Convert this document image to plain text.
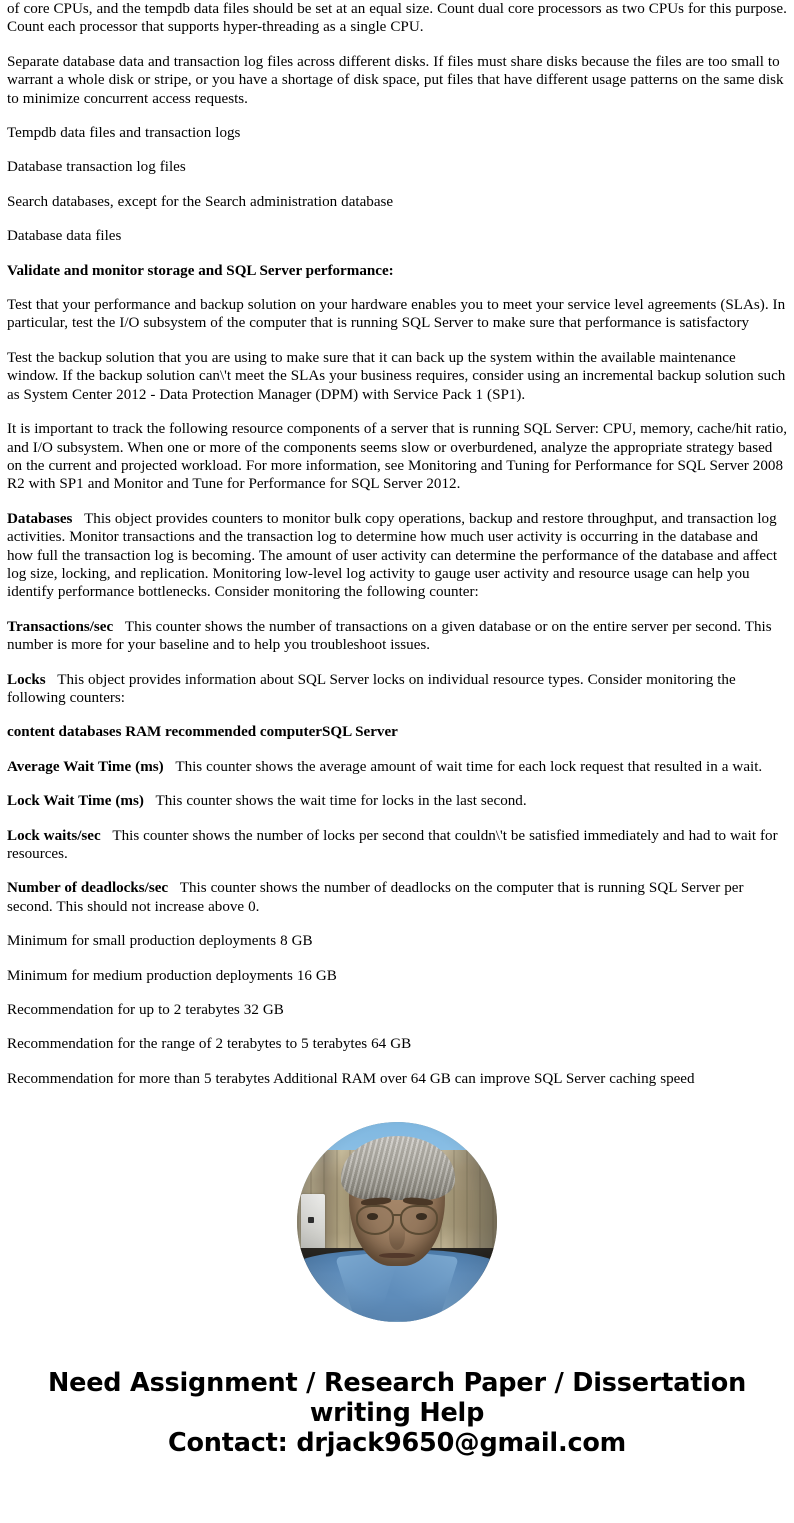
of core CPUs, and the tempdb data files should be set at an equal size. Count dual core processors as two CPUs for this purpose. Count each processor that supports hyper-threading as a single CPU.

Separate database data and transaction log files across different disks. If files must share disks because the files are too small to warrant a whole disk or stripe, or you have a shortage of disk space, put files that have different usage patterns on the same disk to minimize concurrent access requests.

Tempdb data files and transaction logs

Database transaction log files

Search databases, except for the Search administration database

Database data files

Validate and monitor storage and SQL Server performance:

Test that your performance and backup solution on your hardware enables you to meet your service level agreements (SLAs). In particular, test the I/O subsystem of the computer that is running SQL Server to make sure that performance is satisfactory

Test the backup solution that you are using to make sure that it can back up the system within the available maintenance window. If the backup solution can\'t meet the SLAs your business requires, consider using an incremental backup solution such as System Center 2012 - Data Protection Manager (DPM) with Service Pack 1 (SP1).

It is important to track the following resource components of a server that is running SQL Server: CPU, memory, cache/hit ratio, and I/O subsystem. When one or more of the components seems slow or overburdened, analyze the appropriate strategy based on the current and projected workload. For more information, see Monitoring and Tuning for Performance for SQL Server 2008 R2 with SP1 and Monitor and Tune for Performance for SQL Server 2012.

Databases This object provides counters to monitor bulk copy operations, backup and restore throughput, and transaction log activities. Monitor transactions and the transaction log to determine how much user activity is occurring in the database and how full the transaction log is becoming. The amount of user activity can determine the performance of the database and affect log size, locking, and replication. Monitoring low-level log activity to gauge user activity and resource usage can help you identify performance bottlenecks. Consider monitoring the following counter:

Transactions/sec This counter shows the number of transactions on a given database or on the entire server per second. This number is more for your baseline and to help you troubleshoot issues.

Locks This object provides information about SQL Server locks on individual resource types. Consider monitoring the following counters:

content databases RAM recommended computerSQL Server

Average Wait Time (ms) This counter shows the average amount of wait time for each lock request that resulted in a wait.

Lock Wait Time (ms) This counter shows the wait time for locks in the last second.

Lock waits/sec This counter shows the number of locks per second that couldn\'t be satisfied immediately and had to wait for resources.

Number of deadlocks/sec This counter shows the number of deadlocks on the computer that is running SQL Server per second. This should not increase above 0.

Minimum for small production deployments 8 GB

Minimum for medium production deployments 16 GB

Recommendation for up to 2 terabytes 32 GB

Recommendation for the range of 2 terabytes to 5 terabytes 64 GB

Recommendation for more than 5 terabytes Additional RAM over 64 GB can improve SQL Server caching speed

Need Assignment / Research Paper / Dissertation
writing Help
Contact: drjack9650@gmail.com
